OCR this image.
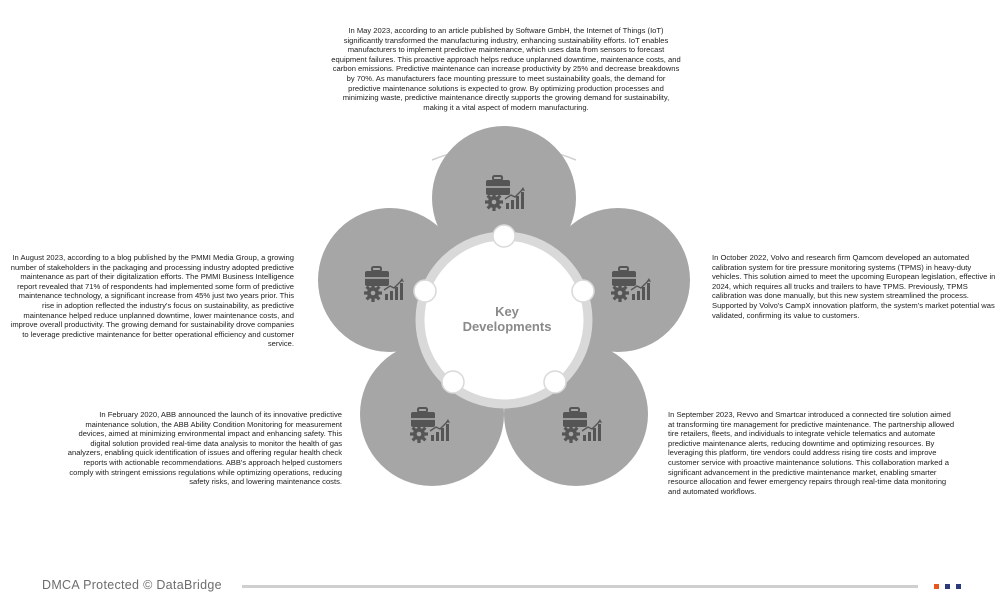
In May 2023, according to an article published by Software GmbH, the Internet of Things (IoT) significantly transformed the manufacturing industry, enhancing sustainability efforts. IoT enables manufacturers to implement predictive maintenance, which uses data from sensors to forecast equipment failures. This proactive approach helps reduce unplanned downtime, maintenance costs, and carbon emissions. Predictive maintenance can increase productivity by 25% and decrease breakdowns by 70%. As manufacturers face mounting pressure to meet sustainability goals, the demand for predictive maintenance solutions is expected to grow. By optimizing production processes and minimizing waste, predictive maintenance directly supports the growing demand for sustainability, making it a vital aspect of modern manufacturing.
In August 2023, according to a blog published by the PMMI Media Group, a growing number of stakeholders in the packaging and processing industry adopted predictive maintenance as part of their digitalization efforts. The PMMI Business Intelligence report revealed that 71% of respondents had implemented some form of predictive maintenance technology, a significant increase from 45% just two years prior. This rise in adoption reflected the industry's focus on sustainability, as predictive maintenance helped reduce unplanned downtime, lower maintenance costs, and improve overall productivity. The growing demand for sustainability drove companies to leverage predictive maintenance for better operational efficiency and customer service.
In October 2022, Volvo and research firm Qamcom developed an automated calibration system for tire pressure monitoring systems (TPMS) in heavy-duty vehicles. This solution aimed to meet the upcoming European legislation, effective in 2024, which requires all trucks and trailers to have TPMS. Previously, TPMS calibration was done manually, but this new system streamlined the process. Supported by Volvo's CampX innovation platform, the system's market potential was validated, confirming its value to customers.
In February 2020, ABB announced the launch of its innovative predictive maintenance solution, the ABB Ability Condition Monitoring for measurement devices, aimed at minimizing environmental impact and enhancing safety. This digital solution provided real-time data analysis to monitor the health of gas analyzers, enabling quick identification of issues and offering regular health check reports with actionable recommendations. ABB's approach helped customers comply with stringent emissions regulations while optimizing operations, reducing safety risks, and lowering maintenance costs.
In September 2023, Revvo and Smartcar introduced a connected tire solution aimed at transforming tire management for predictive maintenance. The partnership allowed tire retailers, fleets, and individuals to integrate vehicle telematics and automate predictive maintenance alerts, reducing downtime and optimizing resources. By leveraging this platform, tire vendors could address rising tire costs and improve customer service with proactive maintenance solutions. This collaboration marked a significant advancement in the predictive maintenance market, enabling smarter resource allocation and fewer emergency repairs through real-time data monitoring and automated workflows.
Key
Developments
DMCA Protected © DataBridge
